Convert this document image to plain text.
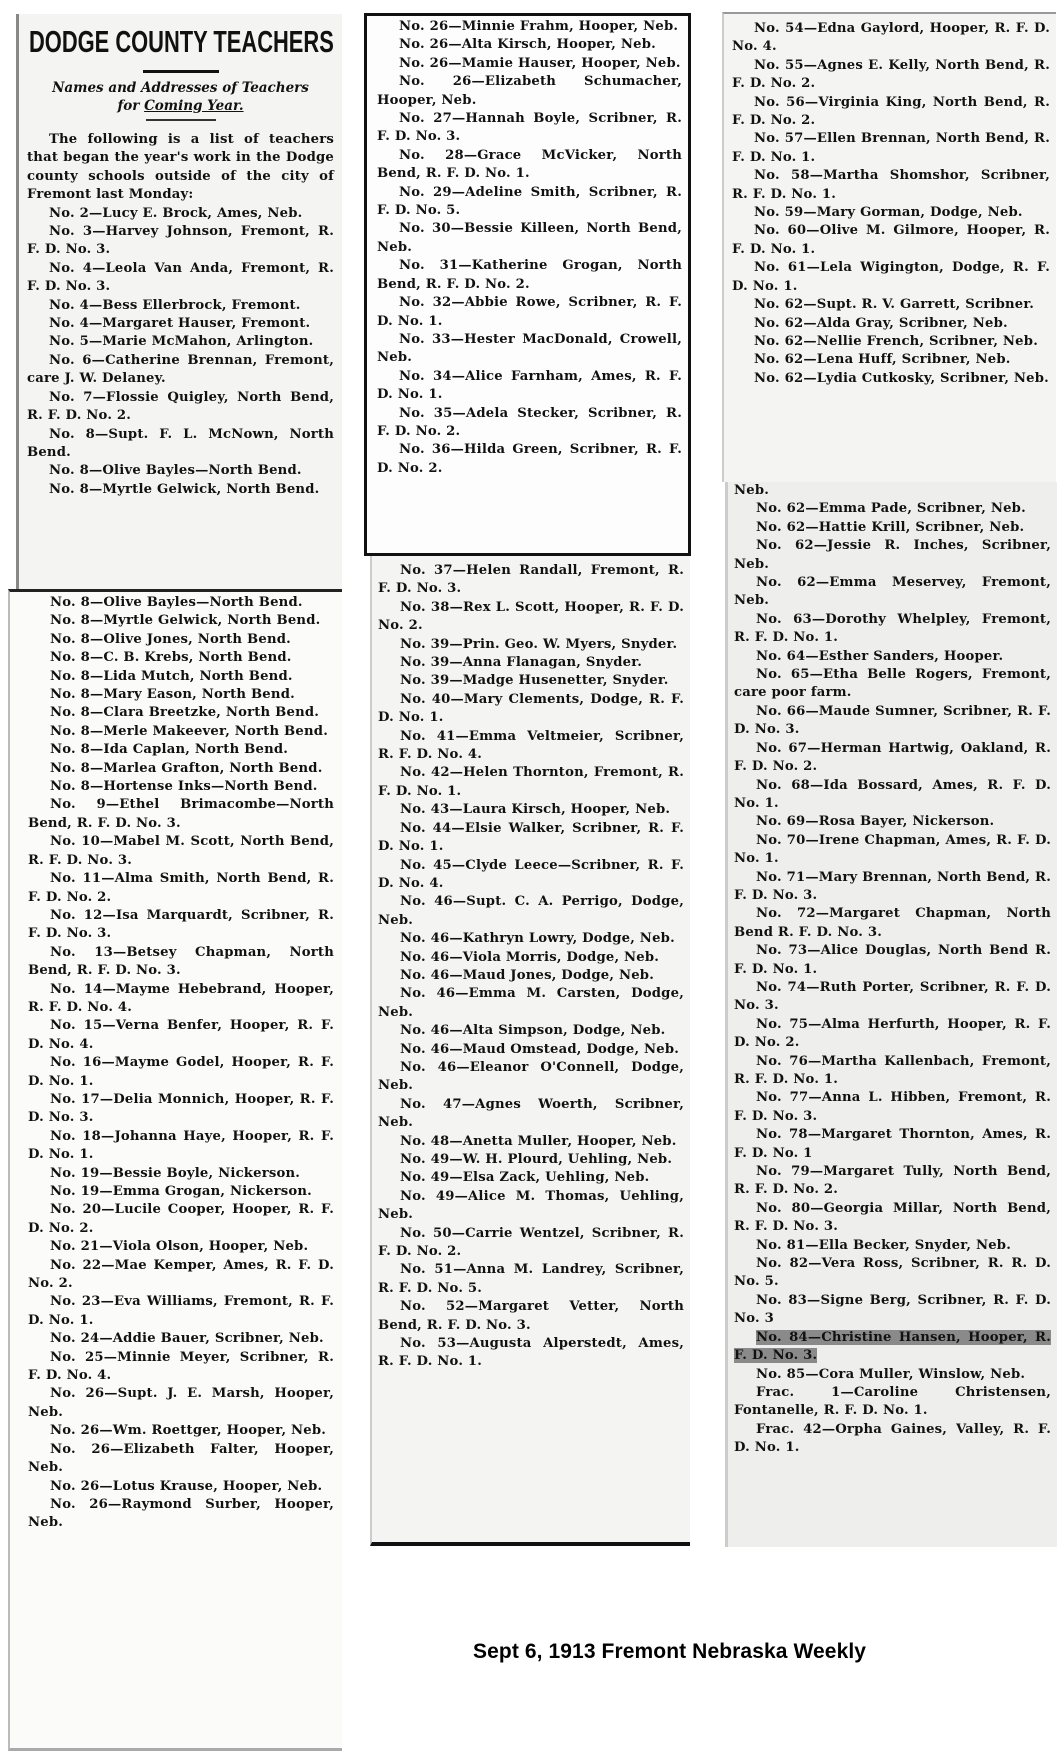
DODGE COUNTY TEACHERS
Names and Addresses of Teachers
for Coming Year.

The following is a list of teachers that began the year's work in the Dodge county schools outside of the city of Fremont last Monday:

No. 2—Lucy E. Brock, Ames, Neb.

No. 3—Harvey Johnson, Fremont, R. F. D. No. 3.

No. 4—Leola Van Anda, Fremont, R. F. D. No. 3.

No. 4—Bess Ellerbrock, Fremont.

No. 4—Margaret Hauser, Fremont.

No. 5—Marie McMahon, Arlington.

No. 6—Catherine Brennan, Fremont, care J. W. Delaney.

No. 7—Flossie Quigley, North Bend, R. F. D. No. 2.

No. 8—Supt. F. L. McNown, North Bend.

No. 8—Olive Bayles—North Bend.

No. 8—Myrtle Gelwick, North Bend.

No. 8—Olive Bayles—North Bend.

No. 8—Myrtle Gelwick, North Bend.

No. 8—Olive Jones, North Bend.

No. 8—C. B. Krebs, North Bend.

No. 8—Lida Mutch, North Bend.

No. 8—Mary Eason, North Bend.

No. 8—Clara Breetzke, North Bend.

No. 8—Merle Makeever, North Bend.

No. 8—Ida Caplan, North Bend.

No. 8—Marlea Grafton, North Bend.

No. 8—Hortense Inks—North Bend.

No. 9—Ethel Brimacombe—North Bend, R. F. D. No. 3.

No. 10—Mabel M. Scott, North Bend, R. F. D. No. 3.

No. 11—Alma Smith, North Bend, R. F. D. No. 2.

No. 12—Isa Marquardt, Scribner, R. F. D. No. 3.

No. 13—Betsey Chapman, North Bend, R. F. D. No. 3.

No. 14—Mayme Hebebrand, Hooper, R. F. D. No. 4.

No. 15—Verna Benfer, Hooper, R. F. D. No. 4.

No. 16—Mayme Godel, Hooper, R. F. D. No. 1.

No. 17—Delia Monnich, Hooper, R. F. D. No. 3.

No. 18—Johanna Haye, Hooper, R. F. D. No. 1.

No. 19—Bessie Boyle, Nickerson.

No. 19—Emma Grogan, Nickerson.

No. 20—Lucile Cooper, Hooper, R. F. D. No. 2.

No. 21—Viola Olson, Hooper, Neb.

No. 22—Mae Kemper, Ames, R. F. D. No. 2.

No. 23—Eva Williams, Fremont, R. F. D. No. 1.

No. 24—Addie Bauer, Scribner, Neb.

No. 25—Minnie Meyer, Scribner, R. F. D. No. 4.

No. 26—Supt. J. E. Marsh, Hooper, Neb.

No. 26—Wm. Roettger, Hooper, Neb.

No. 26—Elizabeth Falter, Hooper, Neb.

No. 26—Lotus Krause, Hooper, Neb.

No. 26—Raymond Surber, Hooper, Neb.

No. 26—Minnie Frahm, Hooper, Neb.

No. 26—Alta Kirsch, Hooper, Neb.

No. 26—Mamie Hauser, Hooper, Neb.

No. 26—Elizabeth Schumacher, Hooper, Neb.

No. 27—Hannah Boyle, Scribner, R. F. D. No. 3.

No. 28—Grace McVicker, North Bend, R. F. D. No. 1.

No. 29—Adeline Smith, Scribner, R. F. D. No. 5.

No. 30—Bessie Killeen, North Bend, Neb.

No. 31—Katherine Grogan, North Bend, R. F. D. No. 2.

No. 32—Abbie Rowe, Scribner, R. F. D. No. 1.

No. 33—Hester MacDonald, Crowell, Neb.

No. 34—Alice Farnham, Ames, R. F. D. No. 1.

No. 35—Adela Stecker, Scribner, R. F. D. No. 2.

No. 36—Hilda Green, Scribner, R. F. D. No. 2.

No. 37—Helen Randall, Fremont, R. F. D. No. 3.

No. 38—Rex L. Scott, Hooper, R. F. D. No. 2.

No. 39—Prin. Geo. W. Myers, Snyder.

No. 39—Anna Flanagan, Snyder.

No. 39—Madge Husenetter, Snyder.

No. 40—Mary Clements, Dodge, R. F. D. No. 1.

No. 41—Emma Veltmeier, Scribner, R. F. D. No. 4.

No. 42—Helen Thornton, Fremont, R. F. D. No. 1.

No. 43—Laura Kirsch, Hooper, Neb.

No. 44—Elsie Walker, Scribner, R. F. D. No. 1.

No. 45—Clyde Leece—Scribner, R. F. D. No. 4.

No. 46—Supt. C. A. Perrigo, Dodge, Neb.

No. 46—Kathryn Lowry, Dodge, Neb.

No. 46—Viola Morris, Dodge, Neb.

No. 46—Maud Jones, Dodge, Neb.

No. 46—Emma M. Carsten, Dodge, Neb.

No. 46—Alta Simpson, Dodge, Neb.

No. 46—Maud Omstead, Dodge, Neb.

No. 46—Eleanor O'Connell, Dodge, Neb.

No. 47—Agnes Woerth, Scribner, Neb.

No. 48—Anetta Muller, Hooper, Neb.

No. 49—W. H. Plourd, Uehling, Neb.

No. 49—Elsa Zack, Uehling, Neb.

No. 49—Alice M. Thomas, Uehling, Neb.

No. 50—Carrie Wentzel, Scribner, R. F. D. No. 2.

No. 51—Anna M. Landrey, Scribner, R. F. D. No. 5.

No. 52—Margaret Vetter, North Bend, R. F. D. No. 3.

No. 53—Augusta Alperstedt, Ames, R. F. D. No. 1.

No. 54—Edna Gaylord, Hooper, R. F. D. No. 4.

No. 55—Agnes E. Kelly, North Bend, R. F. D. No. 2.

No. 56—Virginia King, North Bend, R. F. D. No. 2.

No. 57—Ellen Brennan, North Bend, R. F. D. No. 1.

No. 58—Martha Shomshor, Scribner, R. F. D. No. 1.

No. 59—Mary Gorman, Dodge, Neb.

No. 60—Olive M. Gilmore, Hooper, R. F. D. No. 1.

No. 61—Lela Wigington, Dodge, R. F. D. No. 1.

No. 62—Supt. R. V. Garrett, Scribner.

No. 62—Alda Gray, Scribner, Neb.

No. 62—Nellie French, Scribner, Neb.

No. 62—Lena Huff, Scribner, Neb.

No. 62—Lydia Cutkosky, Scribner, Neb.

Neb.

No. 62—Emma Pade, Scribner, Neb.

No. 62—Hattie Krill, Scribner, Neb.

No. 62—Jessie R. Inches, Scribner, Neb.

No. 62—Emma Meservey, Fremont, Neb.

No. 63—Dorothy Whelpley, Fremont, R. F. D. No. 1.

No. 64—Esther Sanders, Hooper.

No. 65—Etha Belle Rogers, Fremont, care poor farm.

No. 66—Maude Sumner, Scribner, R. F. D. No. 3.

No. 67—Herman Hartwig, Oakland, R. F. D. No. 2.

No. 68—Ida Bossard, Ames, R. F. D. No. 1.

No. 69—Rosa Bayer, Nickerson.

No. 70—Irene Chapman, Ames, R. F. D. No. 1.

No. 71—Mary Brennan, North Bend, R. F. D. No. 3.

No. 72—Margaret Chapman, North Bend R. F. D. No. 3.

No. 73—Alice Douglas, North Bend R. F. D. No. 1.

No. 74—Ruth Porter, Scribner, R. F. D. No. 3.

No. 75—Alma Herfurth, Hooper, R. F. D. No. 2.

No. 76—Martha Kallenbach, Fremont, R. F. D. No. 1.

No. 77—Anna L. Hibben, Fremont, R. F. D. No. 3.

No. 78—Margaret Thornton, Ames, R. F. D. No. 1

No. 79—Margaret Tully, North Bend, R. F. D. No. 2.

No. 80—Georgia Millar, North Bend, R. F. D. No. 3.

No. 81—Ella Becker, Snyder, Neb.

No. 82—Vera Ross, Scribner, R. R. D. No. 5.

No. 83—Signe Berg, Scribner, R. F. D. No. 3

No. 84—Christine Hansen, Hooper, R. F. D. No. 3.

No. 85—Cora Muller, Winslow, Neb.

Frac. 1—Caroline Christensen, Fontanelle, R. F. D. No. 1.

Frac. 42—Orpha Gaines, Valley, R. F. D. No. 1.

Sept 6, 1913 Fremont Nebraska Weekly
